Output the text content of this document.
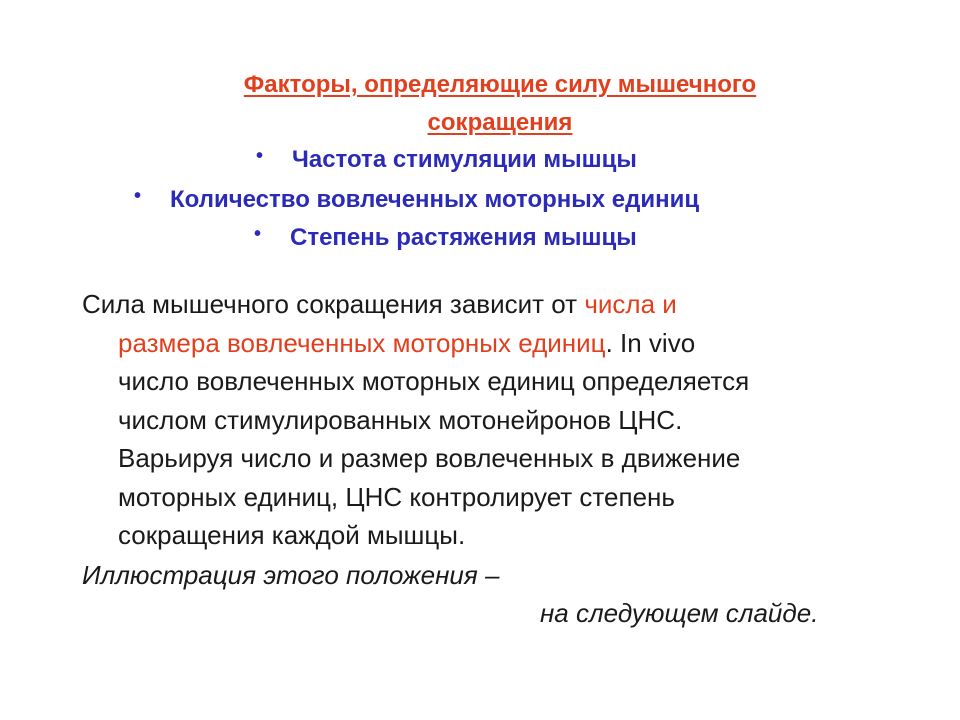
Факторы, определяющие силу мышечного
сокращения
• Частота стимуляции мышцы
• Количество вовлеченных моторных единиц
• Степень растяжения мышцы
Сила мышечного сокращения зависит от числа и
размера вовлеченных моторных единиц. In vivo
число вовлеченных моторных единиц определяется
числом стимулированных мотонейронов ЦНС.
Варьируя число и размер вовлеченных в движение
моторных единиц, ЦНС контролирует степень
сокращения каждой мышцы.
Иллюстрация этого положения –
на следующем слайде.
